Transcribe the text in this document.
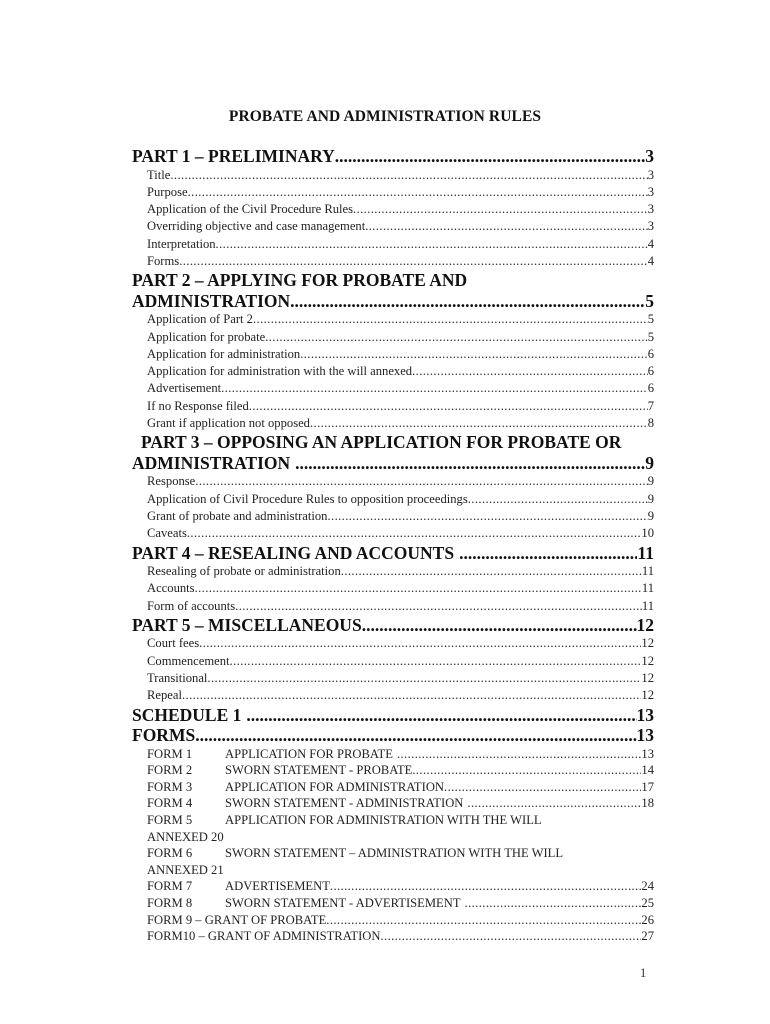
PROBATE AND ADMINISTRATION RULES
PART 1 – PRELIMINARY .....	3
Title .....	3
Purpose .....	3
Application of the Civil Procedure Rules .....	3
Overriding objective and case management .....	3
Interpretation .....	4
Forms .....	4
PART 2 – APPLYING FOR PROBATE AND
ADMINISTRATION .....	5
Application of Part 2 .....	5
Application for probate .....	5
Application for administration .....	6
Application for administration with the will annexed .....	6
Advertisement .....	6
If no Response filed .....	7
Grant if application not opposed .....	8
PART 3 – OPPOSING AN APPLICATION FOR PROBATE OR
ADMINISTRATION .....	9
Response .....	9
Application of Civil Procedure Rules to opposition proceedings .....	9
Grant of probate and administration .....	9
Caveats .....	10
PART 4 – RESEALING AND ACCOUNTS .....	11
Resealing of probate or administration .....	11
Accounts .....	11
Form of accounts .....	11
PART 5 – MISCELLANEOUS .....	12
Court fees .....	12
Commencement .....	12
Transitional .....	12
Repeal .....	12
SCHEDULE 1 .....	13
FORMS .....	13
FORM 1	APPLICATION FOR PROBATE .....	13
FORM 2	SWORN STATEMENT - PROBATE .....	14
FORM 3	APPLICATION FOR ADMINISTRATION .....	17
FORM 4	SWORN STATEMENT - ADMINISTRATION .....	18
FORM 5	APPLICATION FOR ADMINISTRATION WITH THE WILL
ANNEXED 20
FORM 6	SWORN STATEMENT – ADMINISTRATION WITH THE WILL
ANNEXED 21
FORM 7	ADVERTISEMENT .....	24
FORM 8	SWORN STATEMENT - ADVERTISEMENT .....	25
FORM 9 – GRANT OF PROBATE .....	26
FORM10 – GRANT OF ADMINISTRATION .....	27
1
